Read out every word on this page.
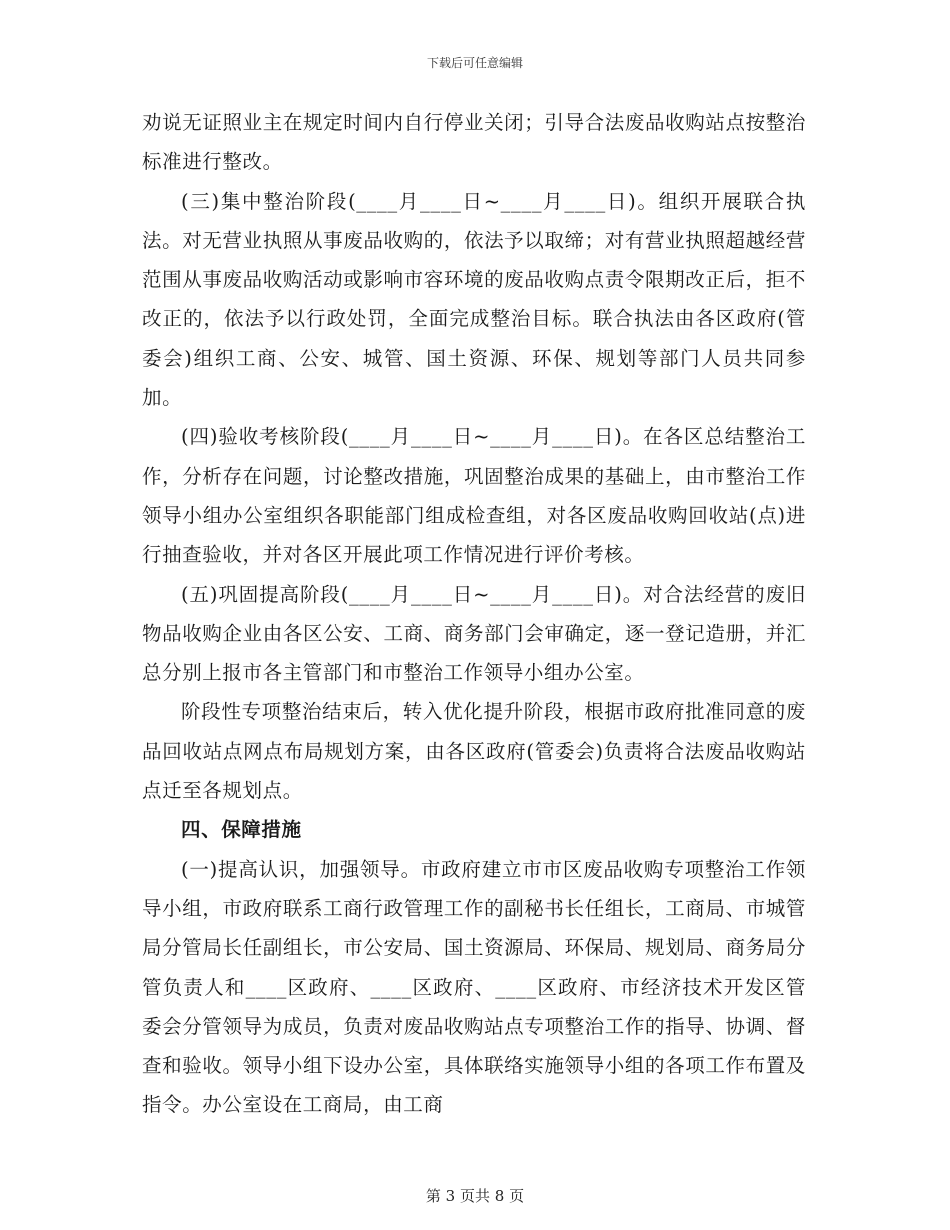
下载后可任意编辑

劝说无证照业主在规定时间内自行停业关闭；引导合法废品收购站点按整治标准进行整改。

(三)集中整治阶段(____月____日~____月____日)。组织开展联合执法。对无营业执照从事废品收购的，依法予以取缔；对有营业执照超越经营范围从事废品收购活动或影响市容环境的废品收购点责令限期改正后，拒不改正的，依法予以行政处罚，全面完成整治目标。联合执法由各区政府(管委会)组织工商、公安、城管、国土资源、环保、规划等部门人员共同参加。

(四)验收考核阶段(____月____日~____月____日)。在各区总结整治工作，分析存在问题，讨论整改措施，巩固整治成果的基础上，由市整治工作领导小组办公室组织各职能部门组成检查组，对各区废品收购回收站(点)进行抽查验收，并对各区开展此项工作情况进行评价考核。

(五)巩固提高阶段(____月____日~____月____日)。对合法经营的废旧物品收购企业由各区公安、工商、商务部门会审确定，逐一登记造册，并汇总分别上报市各主管部门和市整治工作领导小组办公室。

阶段性专项整治结束后，转入优化提升阶段，根据市政府批准同意的废品回收站点网点布局规划方案，由各区政府(管委会)负责将合法废品收购站点迁至各规划点。

四、保障措施

(一)提高认识，加强领导。市政府建立市市区废品收购专项整治工作领导小组，市政府联系工商行政管理工作的副秘书长任组长，工商局、市城管局分管局长任副组长，市公安局、国土资源局、环保局、规划局、商务局分管负责人和____区政府、____区政府、____区政府、市经济技术开发区管委会分管领导为成员，负责对废品收购站点专项整治工作的指导、协调、督查和验收。领导小组下设办公室，具体联络实施领导小组的各项工作布置及指令。办公室设在工商局，由工商

第 3 页共 8 页
